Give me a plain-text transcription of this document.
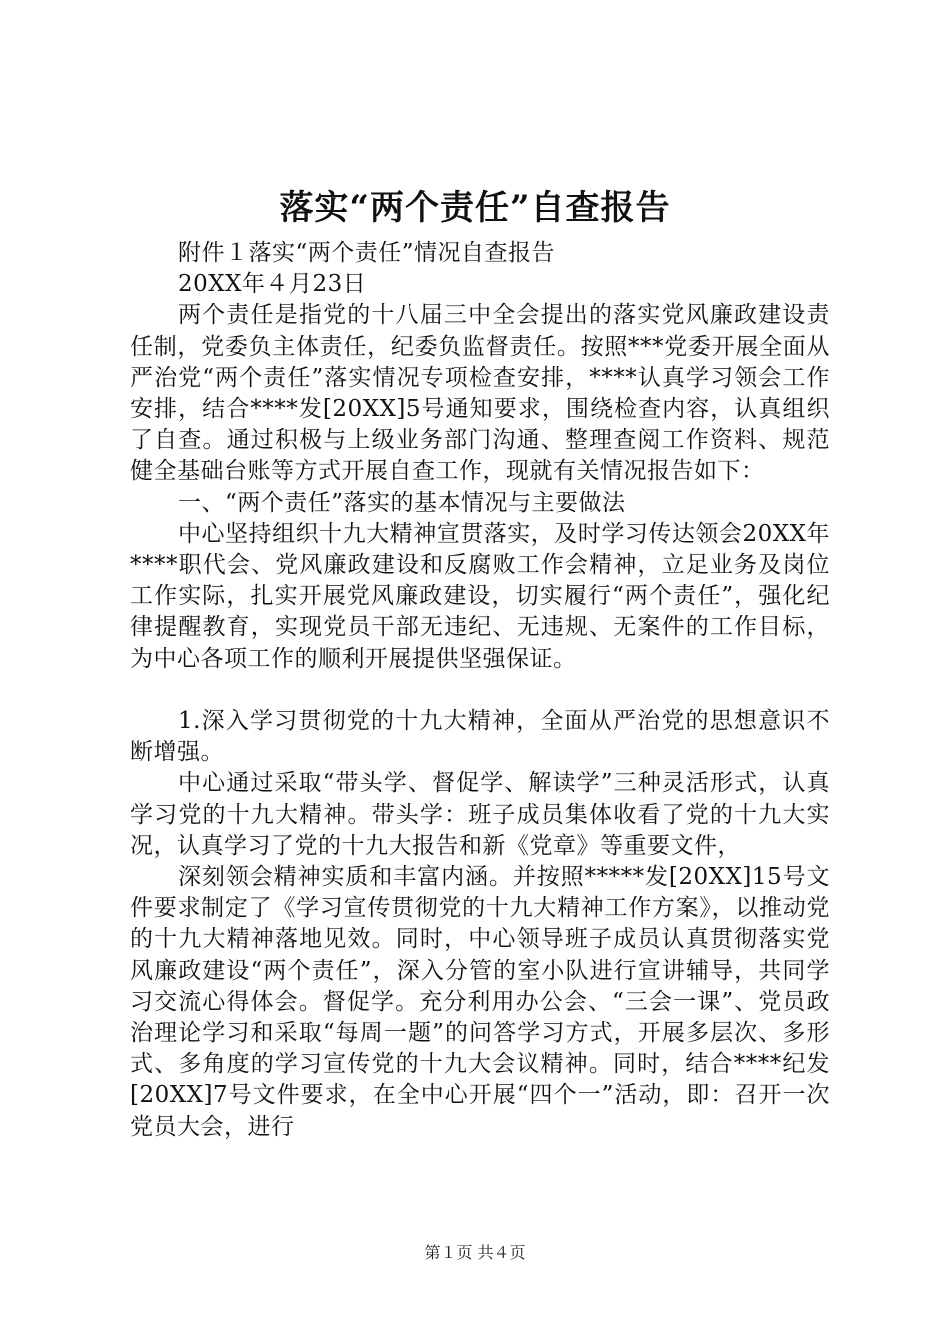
落实“两个责任”自查报告

附件１落实“两个责任”情况自查报告

20XX年４月23日

两个责任是指党的十八届三中全会提出的落实党风廉政建设责任制，党委负主体责任，纪委负监督责任。按照***党委开展全面从严治党“两个责任”落实情况专项检查安排，****认真学习领会工作安排，结合****发[20XX]5号通知要求，围绕检查内容，认真组织了自查。通过积极与上级业务部门沟通、整理查阅工作资料、规范健全基础台账等方式开展自查工作，现就有关情况报告如下：

一、“两个责任”落实的基本情况与主要做法

中心坚持组织十九大精神宣贯落实，及时学习传达领会20XX年****职代会、党风廉政建设和反腐败工作会精神，立足业务及岗位工作实际，扎实开展党风廉政建设，切实履行“两个责任”，强化纪律提醒教育，实现党员干部无违纪、无违规、无案件的工作目标，为中心各项工作的顺利开展提供坚强保证。

1.深入学习贯彻党的十九大精神，全面从严治党的思想意识不断增强。

中心通过采取“带头学、督促学、解读学”三种灵活形式，认真学习党的十九大精神。带头学：班子成员集体收看了党的十九大实况，认真学习了党的十九大报告和新《党章》等重要文件，

深刻领会精神实质和丰富内涵。并按照*****发[20XX]15号文件要求制定了《学习宣传贯彻党的十九大精神工作方案》，以推动党的十九大精神落地见效。同时，中心领导班子成员认真贯彻落实党风廉政建设“两个责任”，深入分管的室小队进行宣讲辅导，共同学习交流心得体会。督促学。充分利用办公会、“三会一课”、党员政治理论学习和采取“每周一题”的问答学习方式，开展多层次、多形式、多角度的学习宣传党的十九大会议精神。同时，结合****纪发[20XX]7号文件要求，在全中心开展“四个一”活动，即：召开一次党员大会，进行

第１页 共４页
